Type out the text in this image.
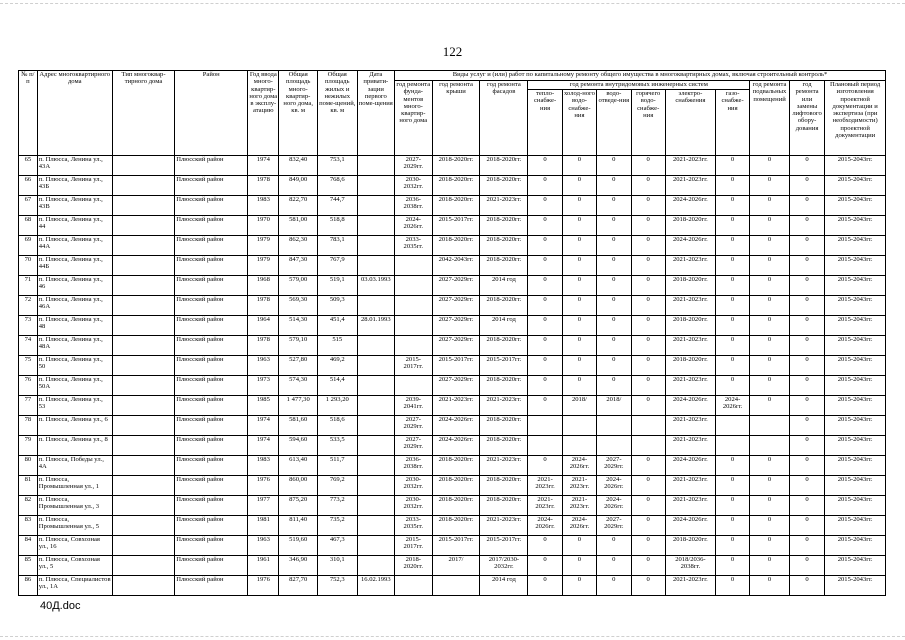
122
№ п/п	Адрес многоквартирного дома	Тип многоквар-тирного дома	Район	Год ввода много-квартир-ного дома в эксплу-атацию	Общая площадь много-квартир-ного дома, кв. м	Общая площадь жилых и нежилых поме-щений, кв. м	Дата привати-зации первого поме-щения	Виды услуг и (или) работ по капитальному ремонту общего имущества в многоквартирных домах, включая строительный контроль*											
								год ремонта фунда-ментов много-квартир-ного дома	год ремонта крыши	год ремонта фасадов	год ремонта внутридомовых инженерных систем						год ремонта подвальных помещений	год ремонта или замены лифтового обору-дования	Плановый период изготовления проектной документации и экспертиза (при необходимости) проектной документации
											тепло-снабже-ния	холод-ного водо-снабже-ния	водо-отведе-ния	горячего водо-снабже-ния	электро-снабжения	газо-снабже-ния			
65	п. Плюсса, Ленина ул., 43А		Плюсский район	1974	832,40	753,1		2027-2029гг.	2018-2020гг.	2018-2020гг.	0	0	0	0	2021-2023гг.	0	0	0	2015-2043гг.
66	п. Плюсса, Ленина ул., 43Б		Плюсский район	1978	849,00	768,6		2030-2032гг.	2018-2020гг.	2018-2020гг.	0	0	0	0	2021-2023гг.	0	0	0	2015-2043гг.
67	п. Плюсса, Ленина ул., 43В		Плюсский район	1983	822,70	744,7		2036-2038гг.	2018-2020гг.	2021-2023гг.	0	0	0	0	2024-2026гг.	0	0	0	2015-2043гг.
68	п. Плюсса, Ленина ул., 44		Плюсский район	1970	581,00	518,8		2024-2026гг.	2015-2017гг.	2018-2020гг.	0	0	0	0	2018-2020гг.	0	0	0	2015-2043гг.
69	п. Плюсса, Ленина ул., 44А		Плюсский район	1979	862,30	783,1		2033-2035гг.	2018-2020гг.	2018-2020гг.	0	0	0	0	2024-2026гг.	0	0	0	2015-2043гг.
70	п. Плюсса, Ленина ул., 44Б		Плюсский район	1979	847,30	767,9			2042-2043гг.	2018-2020гг.	0	0	0	0	2021-2023гг.	0	0	0	2015-2043гг.
71	п. Плюсса, Ленина ул., 46		Плюсский район	1968	579,00	519,1	03.03.1993		2027-2029гг.	2014 год	0	0	0	0	2018-2020гг.	0	0	0	2015-2043гг.
72	п. Плюсса, Ленина ул., 46А		Плюсский район	1978	569,30	509,3			2027-2029гг.	2018-2020гг.	0	0	0	0	2021-2023гг.	0	0	0	2015-2043гг.
73	п. Плюсса, Ленина ул., 48		Плюсский район	1964	514,30	451,4	28.01.1993		2027-2029гг.	2014 год	0	0	0	0	2018-2020гг.	0	0	0	2015-2043гг.
74	п. Плюсса, Ленина ул., 48А		Плюсский район	1978	579,10	515			2027-2029гг.	2018-2020гг.	0	0	0	0	2021-2023гг.	0	0	0	2015-2043гг.
75	п. Плюсса, Ленина ул., 50		Плюсский район	1963	527,80	469,2		2015-2017гг.	2015-2017гг.	2015-2017гг.	0	0	0	0	2018-2020гг.	0	0	0	2015-2043гг.
76	п. Плюсса, Ленина ул., 50А		Плюсский район	1973	574,30	514,4			2027-2029гг.	2018-2020гг.	0	0	0	0	2021-2023гг.	0	0	0	2015-2043гг.
77	п. Плюсса, Ленина ул., 53		Плюсский район	1985	1 477,30	1 293,20		2039-2041гг.	2021-2023гг.	2021-2023гг.	0	2018/	2018/	0	2024-2026гг.	2024-2026гг.	0	0	2015-2043гг.
78	п. Плюсса, Ленина ул., 6		Плюсский район	1974	581,60	518,6		2027-2029гг.	2024-2026гг.	2018-2020гг.					2021-2023гг.			0	2015-2043гг.
79	п. Плюсса, Ленина ул., 8		Плюсский район	1974	594,60	533,5		2027-2029гг.	2024-2026гг.	2018-2020гг.					2021-2023гг.			0	2015-2043гг.
80	п. Плюсса, Победы ул., 4А		Плюсский район	1983	613,40	511,7		2036-2038гг.	2018-2020гг.	2021-2023гг.	0	2024-2026гг.	2027-2029гг.	0	2024-2026гг.	0	0	0	2015-2043гг.
81	п. Плюсса, Промышленная ул., 1		Плюсский район	1976	860,00	769,2		2030-2032гг.	2018-2020гг.	2018-2020гг.	2021-2023гг.	2021-2023гг.	2024-2026гг.	0	2021-2023гг.	0	0	0	2015-2043гг.
82	п. Плюсса, Промышленная ул., 3		Плюсский район	1977	875,20	773,2		2030-2032гг.	2018-2020гг.	2018-2020гг.	2021-2023гг.	2021-2023гг.	2024-2026гг.	0	2021-2023гг.	0	0	0	2015-2043гг.
83	п. Плюсса, Промышленная ул., 5		Плюсский район	1981	811,40	735,2		2033-2035гг.	2018-2020гг.	2021-2023гг.	2024-2026гг.	2024-2026гг.	2027-2029гг.	0	2024-2026гг.	0	0	0	2015-2043гг.
84	п. Плюсса, Совхозная ул., 16		Плюсский район	1963	519,60	467,3		2015-2017гг.	2015-2017гг.	2015-2017гг.	0	0	0	0	2018-2020гг.	0	0	0	2015-2043гг.
85	п. Плюсса, Совхозная ул., 5		Плюсский район	1961	346,90	310,1		2018-2020гг.	2017/	2017/2030-2032гг.	0	0	0	0	2018/2036-2038гг.	0	0	0	2015-2043гг.
86	п. Плюсса, Специалистов ул., 1А		Плюсский район	1976	827,70	752,3	16.02.1993			2014 год	0	0	0	0	2021-2023гг.	0	0	0	2015-2043гг.
40Д.doc
